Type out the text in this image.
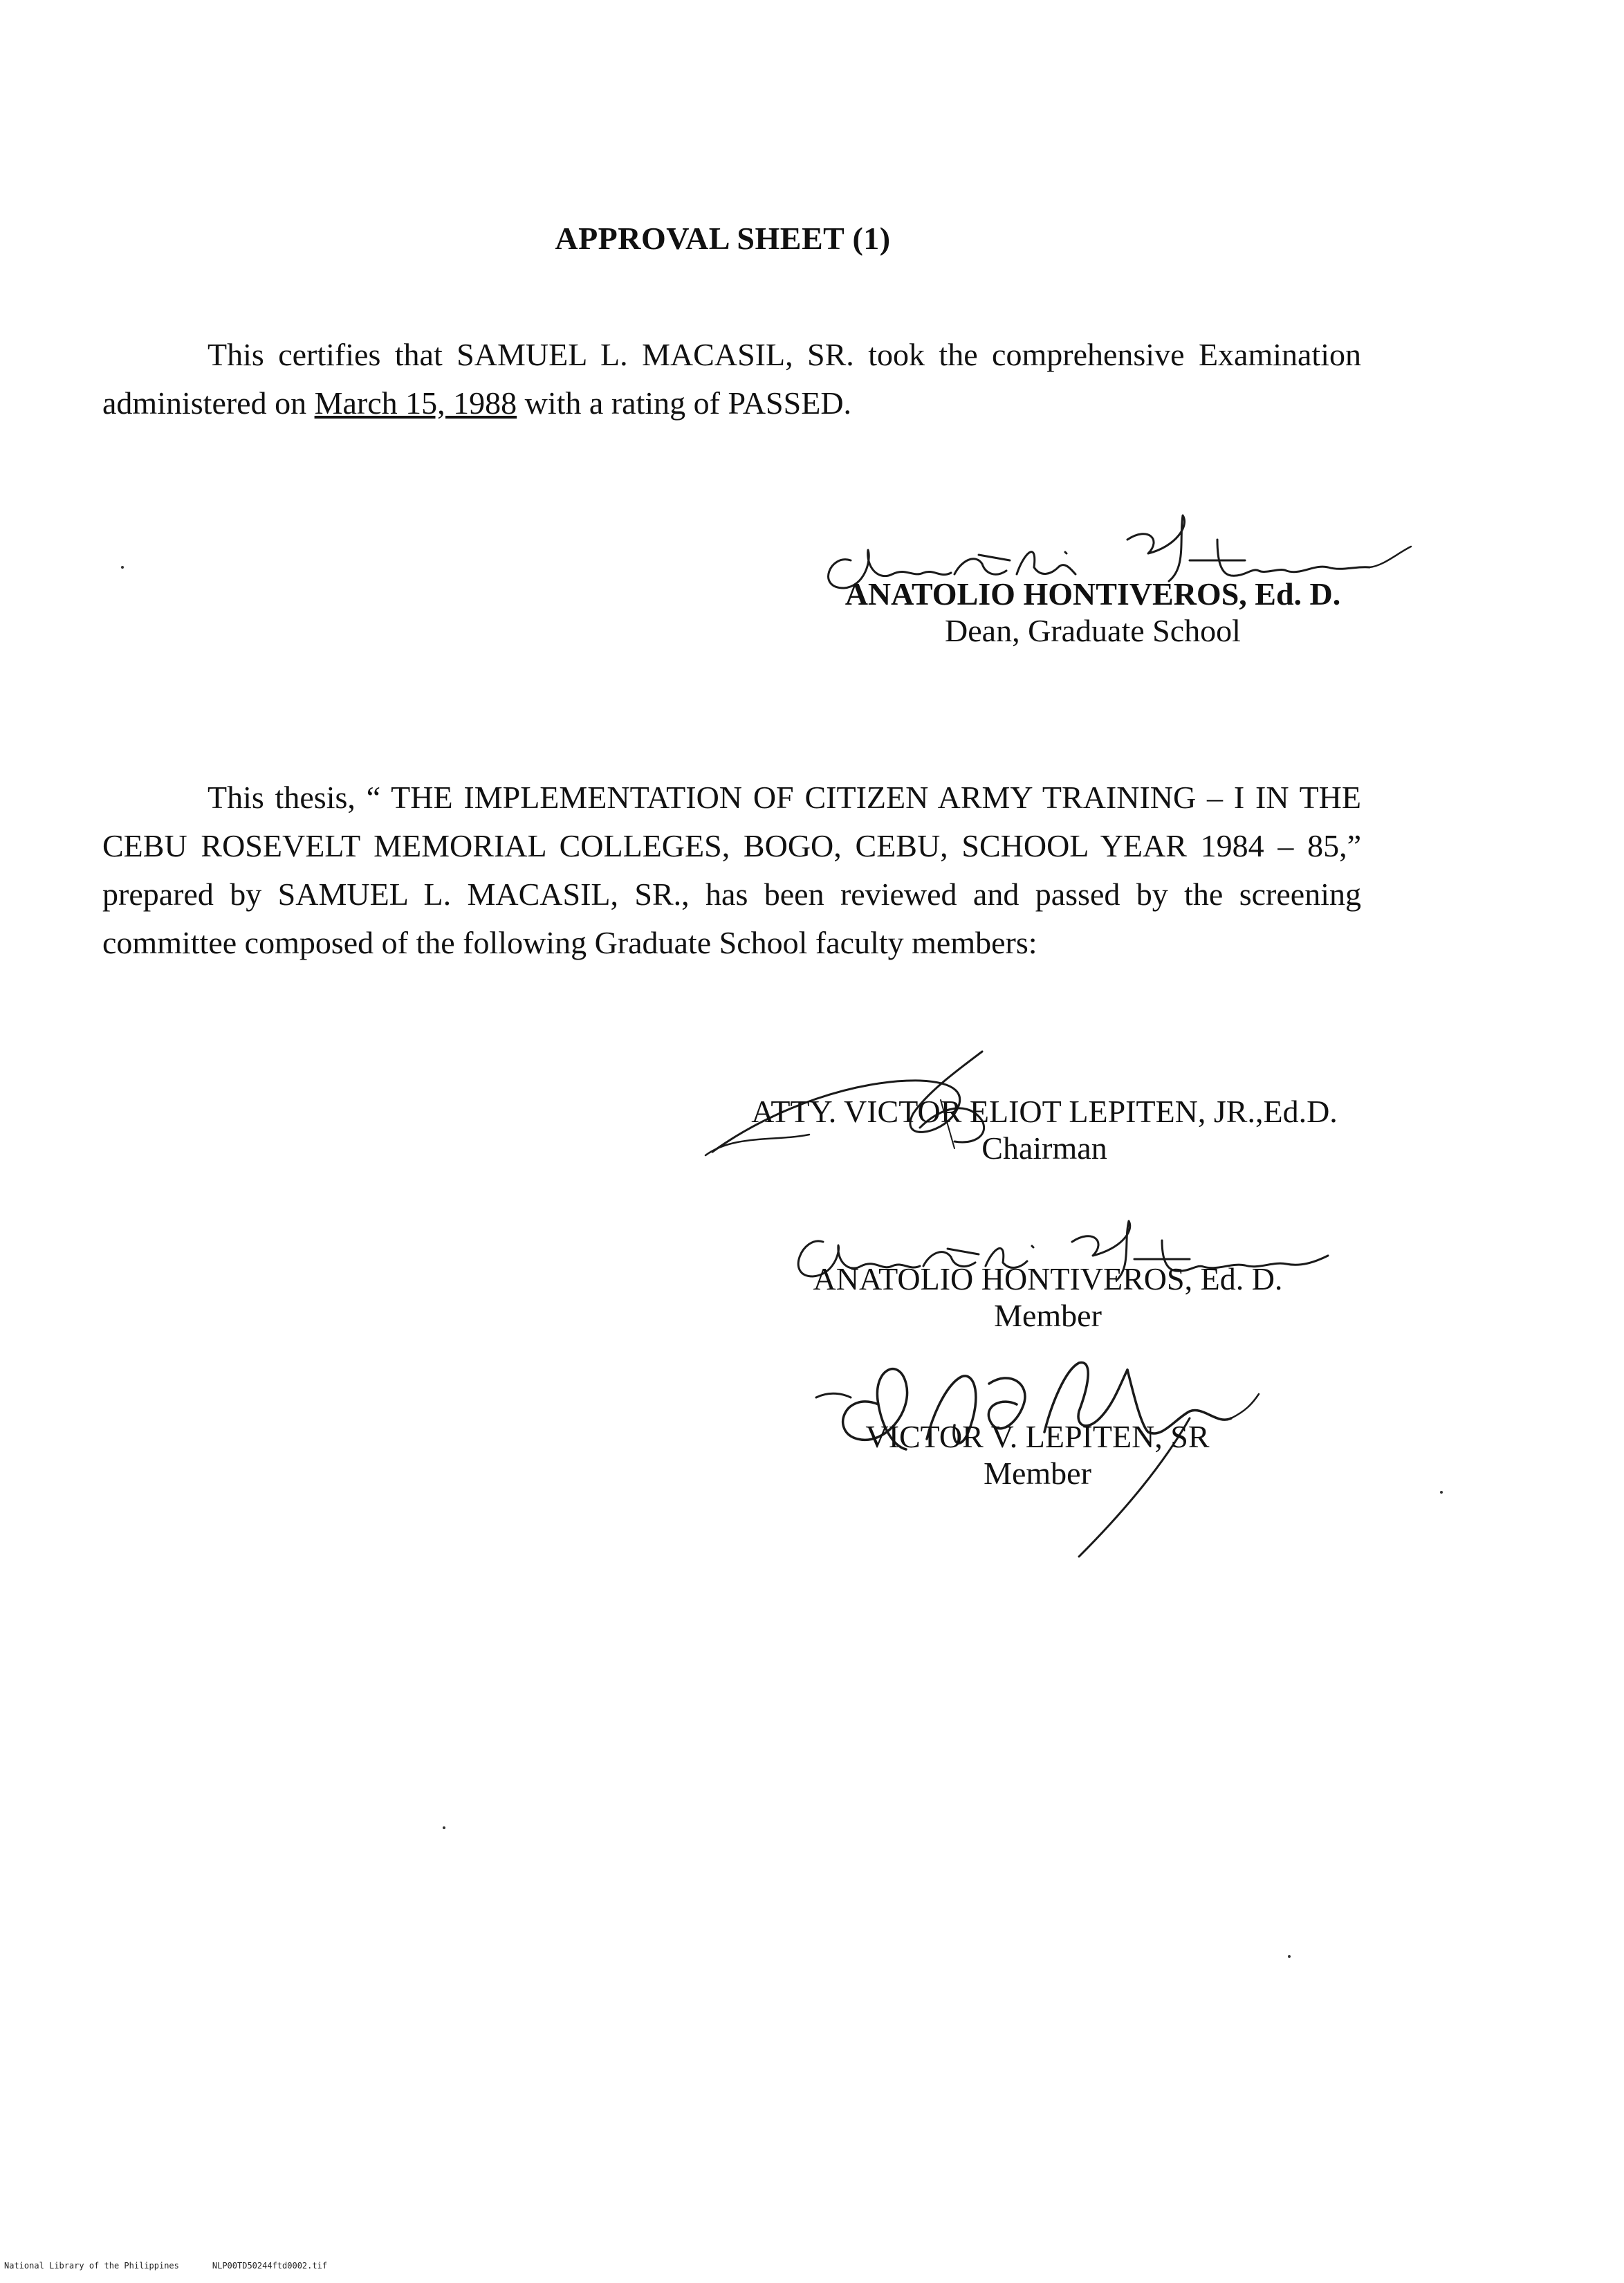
APPROVAL SHEET (1)

This certifies that SAMUEL L. MACASIL, SR. took the comprehensive Examination administered on March 15, 1988 with a rating of PASSED.

ANATOLIO HONTIVEROS, Ed. D.
Dean, Graduate School

This thesis, “ THE IMPLEMENTATION OF CITIZEN ARMY TRAINING – I IN THE CEBU ROSEVELT MEMORIAL COLLEGES, BOGO, CEBU, SCHOOL YEAR 1984 – 85,” prepared by SAMUEL L. MACASIL, SR., has been reviewed and passed by the screening committee composed of the following Graduate School faculty members:

ATTY. VICTOR ELIOT LEPITEN, JR.,Ed.D.
Chairman
ANATOLIO HONTIVEROS, Ed. D.
Member
VICTOR V. LEPITEN, SR
Member
National Library of the Philippines	NLP00TD50244ftd0002.tif
